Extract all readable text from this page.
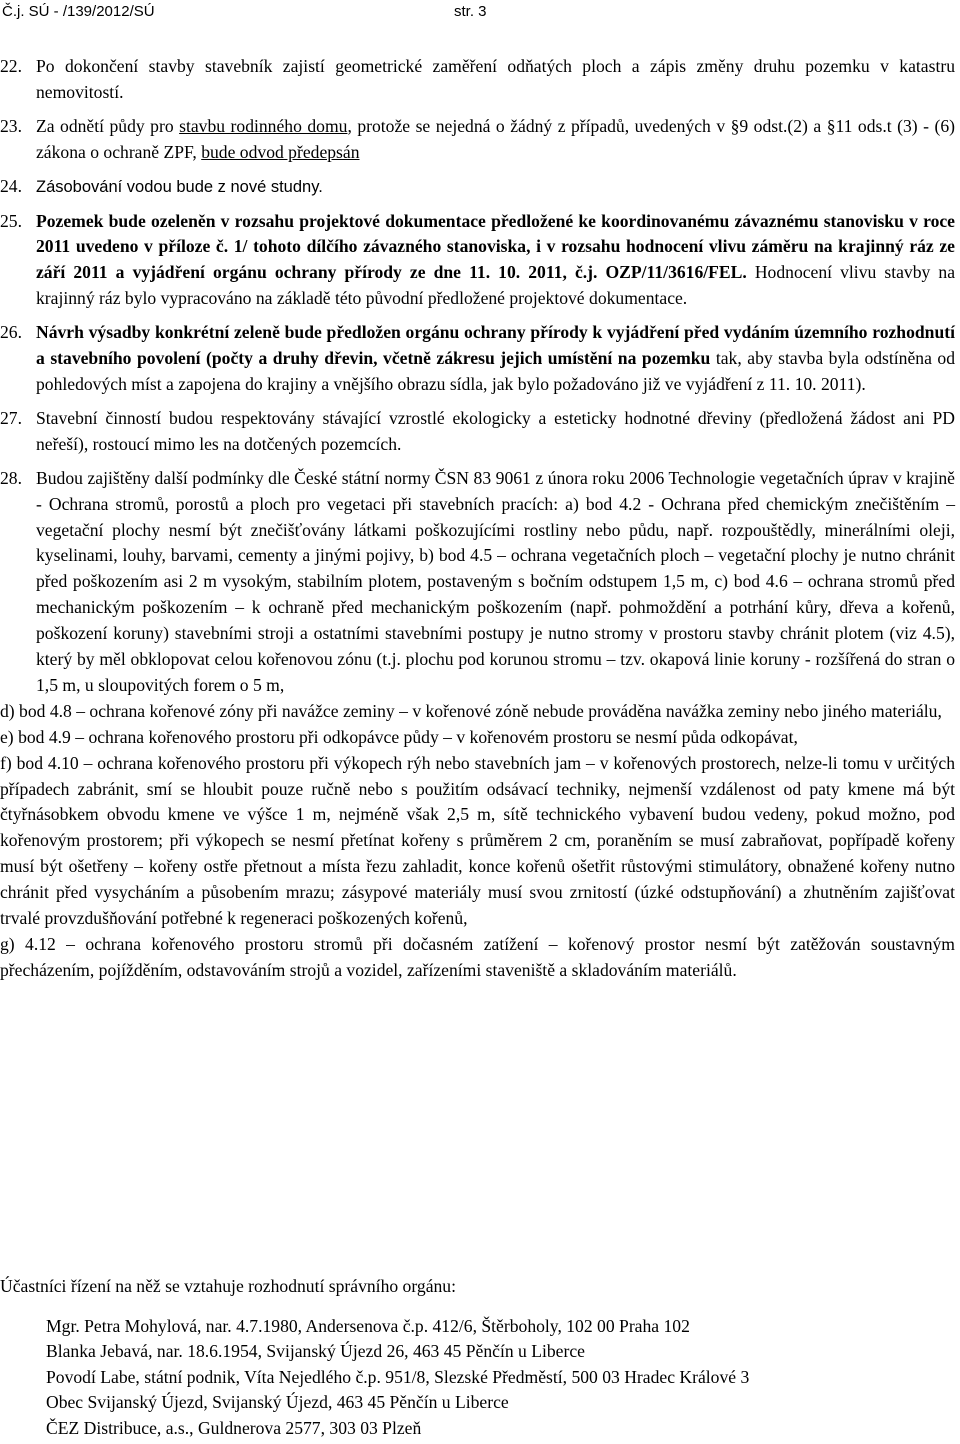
Č.j. SÚ - /139/2012/SÚ	str. 3
22. Po dokončení stavby stavebník zajistí geometrické zaměření odňatých ploch a zápis změny druhu pozemku v katastru nemovitostí.
23. Za odnětí půdy pro stavbu rodinného domu, protože se nejedná o žádný z případů, uvedených v §9 odst.(2) a §11 ods.t (3) - (6) zákona o ochraně ZPF, bude odvod předepsán
24. Zásobování vodou bude z nové studny.
25. Pozemek bude ozeleněn v rozsahu projektové dokumentace předložené ke koordinovanému závaznému stanovisku v roce 2011 uvedeno v příloze č. 1/ tohoto dílčího závazného stanoviska, i v rozsahu hodnocení vlivu záměru na krajinný ráz ze září 2011 a vyjádření orgánu ochrany přírody ze dne 11. 10. 2011, č.j. OZP/11/3616/FEL. Hodnocení vlivu stavby na krajinný ráz bylo vypracováno na základě této původní předložené projektové dokumentace.
26. Návrh výsadby konkrétní zeleně bude předložen orgánu ochrany přírody k vyjádření před vydáním územního rozhodnutí a stavebního povolení (počty a druhy dřevin, včetně zákresu jejich umístění na pozemku tak, aby stavba byla odstíněna od pohledových míst a zapojena do krajiny a vnějšího obrazu sídla, jak bylo požadováno již ve vyjádření z 11. 10. 2011).
27. Stavební činností budou respektovány stávající vzrostlé ekologicky a esteticky hodnotné dřeviny (předložená žádost ani PD neřeší), rostoucí mimo les na dotčených pozemcích.
28. Budou zajištěny další podmínky dle České státní normy ČSN 83 9061 z února roku 2006 Technologie vegetačních úprav v krajině - Ochrana stromů, porostů a ploch pro vegetaci při stavebních pracích: a) bod 4.2 - Ochrana před chemickým znečištěním – vegetační plochy nesmí být znečišťovány látkami poškozujícími rostliny nebo půdu, např. rozpouštědly, minerálními oleji, kyselinami, louhy, barvami, cementy a jinými pojivy, b) bod 4.5 – ochrana vegetačních ploch – vegetační plochy je nutno chránit před poškozením asi 2 m vysokým, stabilním plotem, postaveným s bočním odstupem 1,5 m, c) bod 4.6 – ochrana stromů před mechanickým poškozením – k ochraně před mechanickým poškozením (např. pohmoždění a potrhání kůry, dřeva a kořenů, poškození koruny) stavebními stroji a ostatními stavebními postupy je nutno stromy v prostoru stavby chránit plotem (viz 4.5), který by měl obklopovat celou kořenovou zónu (t.j. plochu pod korunou stromu – tzv. okapová linie koruny - rozšířená do stran o 1,5 m, u sloupovitých forem o 5 m,
d) bod 4.8 – ochrana kořenové zóny při navážce zeminy – v kořenové zóně nebude prováděna navážka zeminy nebo jiného materiálu,
e) bod 4.9 – ochrana kořenového prostoru při odkopávce půdy – v kořenovém prostoru se nesmí půda odkopávat,
f) bod 4.10 – ochrana kořenového prostoru při výkopech rýh nebo stavebních jam – v kořenových prostorech, nelze-li tomu v určitých případech zabránit, smí se hloubit pouze ručně nebo s použitím odsávací techniky, nejmenší vzdálenost od paty kmene má být čtyřnásobkem obvodu kmene ve výšce 1 m, nejméně však 2,5 m, sítě technického vybavení budou vedeny, pokud možno, pod kořenovým prostorem; při výkopech se nesmí přetínat kořeny s průměrem 2 cm, poraněním se musí zabraňovat, popřípadě kořeny musí být ošetřeny – kořeny ostře přetnout a místa řezu zahladit, konce kořenů ošetřit růstovými stimulátory, obnažené kořeny nutno chránit před vysycháním a působením mrazu; zásypové materiály musí svou zrnitostí (úzké odstupňování) a zhutněním zajišťovat trvalé provzdušňování potřebné k regeneraci poškozených kořenů,
g) 4.12 – ochrana kořenového prostoru stromů při dočasném zatížení – kořenový prostor nesmí být zatěžován soustavným přecházením, pojížděním, odstavováním strojů a vozidel, zařízeními staveniště a skladováním materiálů.
Účastníci řízení na něž se vztahuje rozhodnutí správního orgánu:
Mgr. Petra Mohylová, nar. 4.7.1980, Andersenova č.p. 412/6, Štěrboholy, 102 00 Praha 102
Blanka Jebavá, nar. 18.6.1954, Svijanský Újezd 26, 463 45 Pěnčín u Liberce
Povodí Labe, státní podnik, Víta Nejedlého č.p. 951/8, Slezské Předměstí, 500 03 Hradec Králové 3
Obec Svijanský Újezd, Svijanský Újezd, 463 45 Pěnčín u Liberce
ČEZ Distribuce, a.s., Guldnerova 2577, 303 03 Plzeň
